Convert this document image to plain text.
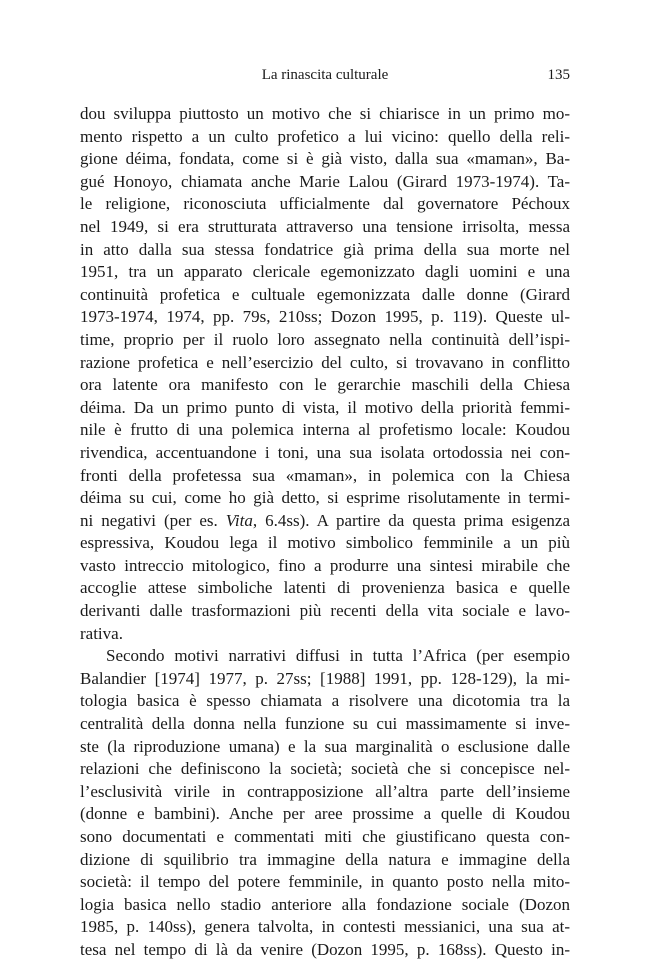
La rinascita culturale	135
dou sviluppa piuttosto un motivo che si chiarisce in un primo mo-
mento rispetto a un culto profetico a lui vicino: quello della reli-
gione déima, fondata, come si è già visto, dalla sua «maman», Ba-
gué Honoyo, chiamata anche Marie Lalou (Girard 1973-1974). Ta-
le religione, riconosciuta ufficialmente dal governatore Péchoux
nel 1949, si era strutturata attraverso una tensione irrisolta, messa
in atto dalla sua stessa fondatrice già prima della sua morte nel
1951, tra un apparato clericale egemonizzato dagli uomini e una
continuità profetica e cultuale egemonizzata dalle donne (Girard
1973-1974, 1974, pp. 79s, 210ss; Dozon 1995, p. 119). Queste ul-
time, proprio per il ruolo loro assegnato nella continuità dell’ispi-
razione profetica e nell’esercizio del culto, si trovavano in conflitto
ora latente ora manifesto con le gerarchie maschili della Chiesa
déima. Da un primo punto di vista, il motivo della priorità femmi-
nile è frutto di una polemica interna al profetismo locale: Koudou
rivendica, accentuandone i toni, una sua isolata ortodossia nei con-
fronti della profetessa sua «maman», in polemica con la Chiesa
déima su cui, come ho già detto, si esprime risolutamente in termi-
ni negativi (per es. Vita, 6.4ss). A partire da questa prima esigenza
espressiva, Koudou lega il motivo simbolico femminile a un più
vasto intreccio mitologico, fino a produrre una sintesi mirabile che
accoglie attese simboliche latenti di provenienza basica e quelle
derivanti dalle trasformazioni più recenti della vita sociale e lavo-
rativa.
Secondo motivi narrativi diffusi in tutta l’Africa (per esempio
Balandier [1974] 1977, p. 27ss; [1988] 1991, pp. 128-129), la mi-
tologia basica è spesso chiamata a risolvere una dicotomia tra la
centralità della donna nella funzione su cui massimamente si inve-
ste (la riproduzione umana) e la sua marginalità o esclusione dalle
relazioni che definiscono la società; società che si concepisce nel-
l’esclusività virile in contrapposizione all’altra parte dell’insieme
(donne e bambini). Anche per aree prossime a quelle di Koudou
sono documentati e commentati miti che giustificano questa con-
dizione di squilibrio tra immagine della natura e immagine della
società: il tempo del potere femminile, in quanto posto nella mito-
logia basica nello stadio anteriore alla fondazione sociale (Dozon
1985, p. 140ss), genera talvolta, in contesti messianici, una sua at-
tesa nel tempo di là da venire (Dozon 1995, p. 168ss). Questo in-
